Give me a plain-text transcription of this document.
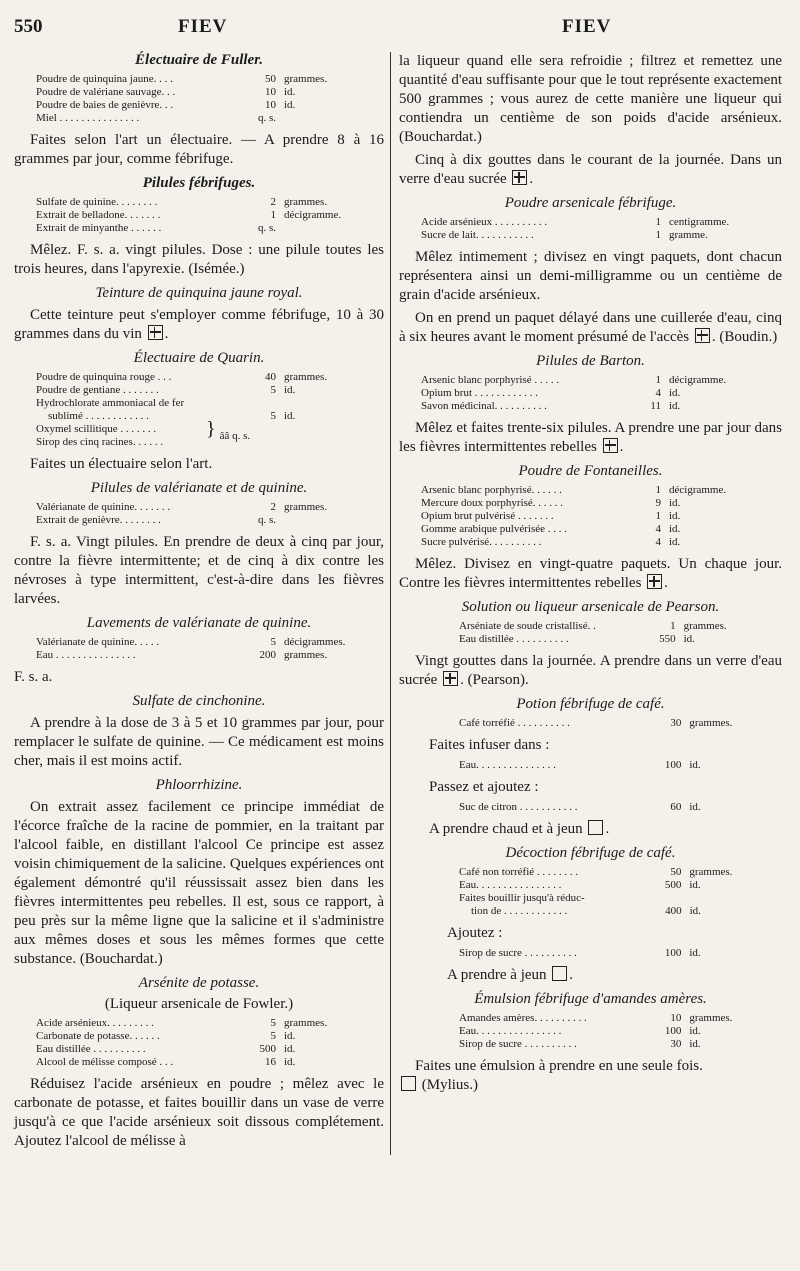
550	FIEV	FIEV
Électuaire de Fuller.
Poudre de quinquina jaune. . . .	50 grammes.
Poudre de valériane sauvage. . .	10 id.
Poudre de baies de genièvre. . .	10 id.
Miel . . . . . . . . . . . . . . .	q. s.

Faites selon l'art un électuaire. — A prendre 8 à 16 grammes par jour, comme fébrifuge.

Pilules fébrifuges.
Sulfate de quinine. . . . . . . .	2 grammes.
Extrait de belladone. . . . . . .	1 décigramme.
Extrait de minyanthe . . . . . .	q. s.

Mêlez. F. s. a. vingt pilules. Dose : une pilule toutes les trois heures, dans l'apyrexie. (Isémée.)

Teinture de quinquina jaune royal.

Cette teinture peut s'employer comme fébrifuge, 10 à 30 grammes dans du vin ☒ .

Électuaire de Quarin.
Poudre de quinquina rouge . . .	40 grammes.
Poudre de gentiane . . . . . . .	5 id.
Hydrochlorate ammoniacal de fer
sublimé . . . . . . . . . . . .	5 id.
Oxymel scillitique . . . . . . .
Sirop des cinq racines. . . . . .
} ââ q. s.

Faites un électuaire selon l'art.

Pilules de valérianate et de quinine.
Valérianate de quinine. . . . . . .	2 grammes.
Extrait de genièvre. . . . . . . .	q. s.

F. s. a. Vingt pilules. En prendre de deux à cinq par jour, contre la fièvre intermittente; et de cinq à dix contre les névroses à type intermittent, c'est-à-dire dans les fièvres larvées.

Lavements de valérianate de quinine.
Valérianate de quinine. . . . .	5 décigrammes.
Eau . . . . . . . . . . . . . . .	200 grammes.

F. s. a.

Sulfate de cinchonine.

A prendre à la dose de 3 à 5 et 10 grammes par jour, pour remplacer le sulfate de quinine. — Ce médicament est moins cher, mais il est moins actif.

Phloorrhizine.

On extrait assez facilement ce principe immédiat de l'écorce fraîche de la racine de pommier, en la traitant par l'alcool faible, en distillant l'alcool Ce principe est assez voisin chimiquement de la salicine. Quelques expériences ont également démontré qu'il réussissait assez bien dans les fièvres intermittentes peu rebelles. Il est, sous ce rapport, à peu près sur la même ligne que la salicine et il s'administre aux mêmes doses et sous les mêmes formes que cette substance. (Bouchardat.)

Arsénite de potasse.
(Liqueur arsenicale de Fowler.)
Acide arsénieux. . . . . . . . .	5 grammes.
Carbonate de potasse. . . . . .	5 id.
Eau distillée . . . . . . . . . .	500 id.
Alcool de mélisse composé . . .	16 id.

Réduisez l'acide arsénieux en poudre ; mêlez avec le carbonate de potasse, et faites bouillir dans un vase de verre jusqu'à ce que l'acide arsénieux soit dissous complétement. Ajoutez l'alcool de mélisse à

la liqueur quand elle sera refroidie ; filtrez et remettez une quantité d'eau suffisante pour que le tout représente exactement 500 grammes ; vous aurez de cette manière une liqueur qui contiendra un centième de son poids d'acide arsénieux. (Bouchardat.)

Cinq à dix gouttes dans le courant de la journée. Dans un verre d'eau sucrée ☒ .

Poudre arsenicale fébrifuge.
Acide arsénieux . . . . . . . . . .	1 centigramme.
Sucre de lait. . . . . . . . . . .	1 gramme.

Mêlez intimement ; divisez en vingt paquets, dont chacun représentera ainsi un demi-milligramme ou un centième de grain d'acide arsénieux.

On en prend un paquet délayé dans une cuillerée d'eau, cinq à six heures avant le moment présumé de l'accès ☒ . (Boudin.)

Pilules de Barton.
Arsenic blanc porphyrisé . . . . .	1 décigramme.
Opium brut . . . . . . . . . . . .	4 id.
Savon médicinal. . . . . . . . . .	11 id.

Mêlez et faites trente-six pilules. A prendre une par jour dans les fièvres intermittentes rebelles ☒ .

Poudre de Fontaneilles.
Arsenic blanc porphyrisé. . . . . .	1 décigramme.
Mercure doux porphyrisé. . . . . .	9 id.
Opium brut pulvérisé . . . . . . .	1 id.
Gomme arabique pulvérisée . . . .	4 id.
Sucre pulvérisé. . . . . . . . . .	4 id.

Mêlez. Divisez en vingt-quatre paquets. Un chaque jour. Contre les fièvres intermittentes rebelles ☒ .

Solution ou liqueur arsenicale de Pearson.
Arséniate de soude cristallisé. .	1 grammes.
Eau distillée . . . . . . . . . .	550 id.

Vingt gouttes dans la journée. A prendre dans un verre d'eau sucrée ☒ . (Pearson).

Potion fébrifuge de café.
Café torréfié . . . . . . . . . .	30 grammes.

Faites infuser dans :

Eau. . . . . . . . . . . . . . .	100 id.

Passez et ajoutez :

Suc de citron . . . . . . . . . . .	60 id.

A prendre chaud et à jeun .

Décoction fébrifuge de café.
Café non torréfié . . . . . . . .	50 grammes.
Eau. . . . . . . . . . . . . . . .	500 id.
Faites bouillir jusqu'à réduc-
tion de . . . . . . . . . . . .	400 id.

Ajoutez :

Sirop de sucre . . . . . . . . . .	100 id.

A prendre à jeun .

Émulsion fébrifuge d'amandes amères.
Amandes amères. . . . . . . . . .	10 grammes.
Eau. . . . . . . . . . . . . . . .	100 id.
Sirop de sucre . . . . . . . . . .	30 id.

Faites une émulsion à prendre en une seule fois.
(Mylius.)
